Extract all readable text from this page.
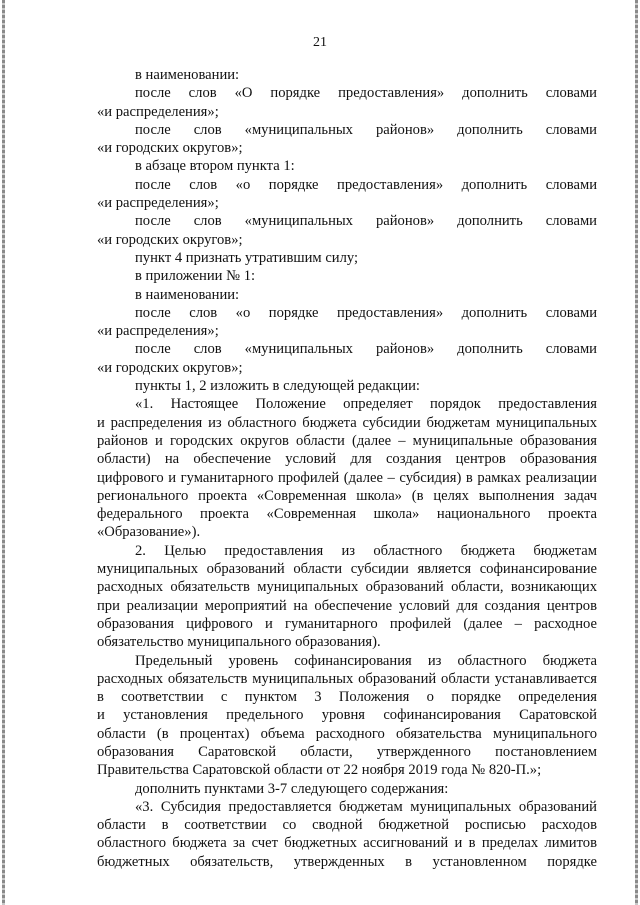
21
в наименовании:
после слов «О порядке предоставления» дополнить словами
«и распределения»;
после слов «муниципальных районов» дополнить словами
«и городских округов»;
в абзаце втором пункта 1:
после слов «о порядке предоставления» дополнить словами
«и распределения»;
после слов «муниципальных районов» дополнить словами
«и городских округов»;
пункт 4 признать утратившим силу;
в приложении № 1:
в наименовании:
после слов «о порядке предоставления» дополнить словами
«и распределения»;
после слов «муниципальных районов» дополнить словами
«и городских округов»;
пункты 1, 2 изложить в следующей редакции:
«1. Настоящее Положение определяет порядок предоставления
и распределения из областного бюджета субсидии бюджетам муниципальных
районов и городских округов области (далее – муниципальные образования
области) на обеспечение условий для создания центров образования
цифрового и гуманитарного профилей (далее – субсидия) в рамках реализации
регионального проекта «Современная школа» (в целях выполнения задач
федерального проекта «Современная школа» национального проекта
«Образование»).
2. Целью предоставления из областного бюджета бюджетам
муниципальных образований области субсидии является софинансирование
расходных обязательств муниципальных образований области, возникающих
при реализации мероприятий на обеспечение условий для создания центров
образования цифрового и гуманитарного профилей (далее – расходное
обязательство муниципального образования).
Предельный уровень софинансирования из областного бюджета
расходных обязательств муниципальных образований области устанавливается
в соответствии с пунктом 3 Положения о порядке определения
и установления предельного уровня софинансирования Саратовской
области (в процентах) объема расходного обязательства муниципального
образования Саратовской области, утвержденного постановлением
Правительства Саратовской области от 22 ноября 2019 года № 820-П.»;
дополнить пунктами 3-7 следующего содержания:
«3. Субсидия предоставляется бюджетам муниципальных образований
области в соответствии со сводной бюджетной росписью расходов
областного бюджета за счет бюджетных ассигнований и в пределах лимитов
бюджетных обязательств, утвержденных в установленном порядке
